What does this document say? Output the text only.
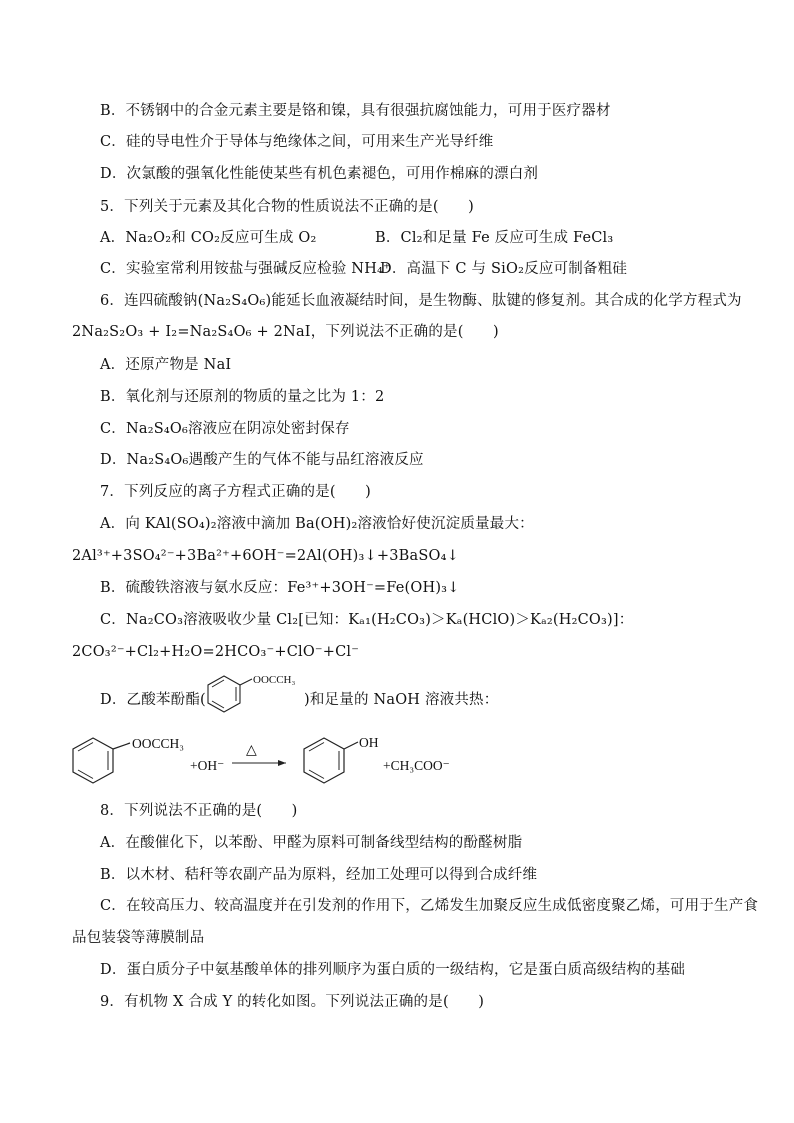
B．不锈钢中的合金元素主要是铬和镍，具有很强抗腐蚀能力，可用于医疗器材
C．硅的导电性介于导体与绝缘体之间，可用来生产光导纤维
D．次氯酸的强氧化性能使某些有机色素褪色，可用作棉麻的漂白剂
5．下列关于元素及其化合物的性质说法不正确的是(　　)
A．Na₂O₂和 CO₂反应可生成 O₂	B．Cl₂和足量 Fe 反应可生成 FeCl₃
C．实验室常利用铵盐与强碱反应检验 NH₄⁺
D．高温下 C 与 SiO₂反应可制备粗硅
6．连四硫酸钠(Na₂S₄O₆)能延长血液凝结时间，是生物酶、肽键的修复剂。其合成的化学方程式为
2Na₂S₂O₃ + I₂=Na₂S₄O₆ + 2NaI，下列说法不正确的是(　　)
A．还原产物是 NaI
B．氧化剂与还原剂的物质的量之比为 1：2
C．Na₂S₄O₆溶液应在阴凉处密封保存
D．Na₂S₄O₆遇酸产生的气体不能与品红溶液反应
7．下列反应的离子方程式正确的是(　　)
A．向 KAl(SO₄)₂溶液中滴加 Ba(OH)₂溶液恰好使沉淀质量最大：
2Al³⁺+3SO₄²⁻+3Ba²⁺+6OH⁻=2Al(OH)₃↓+3BaSO₄↓
B．硫酸铁溶液与氨水反应：Fe³⁺+3OH⁻=Fe(OH)₃↓
C．Na₂CO₃溶液吸收少量 Cl₂[已知：Kₐ₁(H₂CO₃)＞Kₐ(HClO)＞Kₐ₂(H₂CO₃)]：
2CO₃²⁻+Cl₂+H₂O=2HCO₃⁻+ClO⁻+Cl⁻
D．乙酸苯酚酯(
OOCCH₃
)和足量的 NaOH 溶液共热：
OOCCH₃
+OH⁻
△
OH
+CH₃COO⁻
8．下列说法不正确的是(　　)
A．在酸催化下，以苯酚、甲醛为原料可制备线型结构的酚醛树脂
B．以木材、秸秆等农副产品为原料，经加工处理可以得到合成纤维
C．在较高压力、较高温度并在引发剂的作用下，乙烯发生加聚反应生成低密度聚乙烯，可用于生产食
品包装袋等薄膜制品
D．蛋白质分子中氨基酸单体的排列顺序为蛋白质的一级结构，它是蛋白质高级结构的基础
9．有机物 X 合成 Y 的转化如图。下列说法正确的是(　　)
